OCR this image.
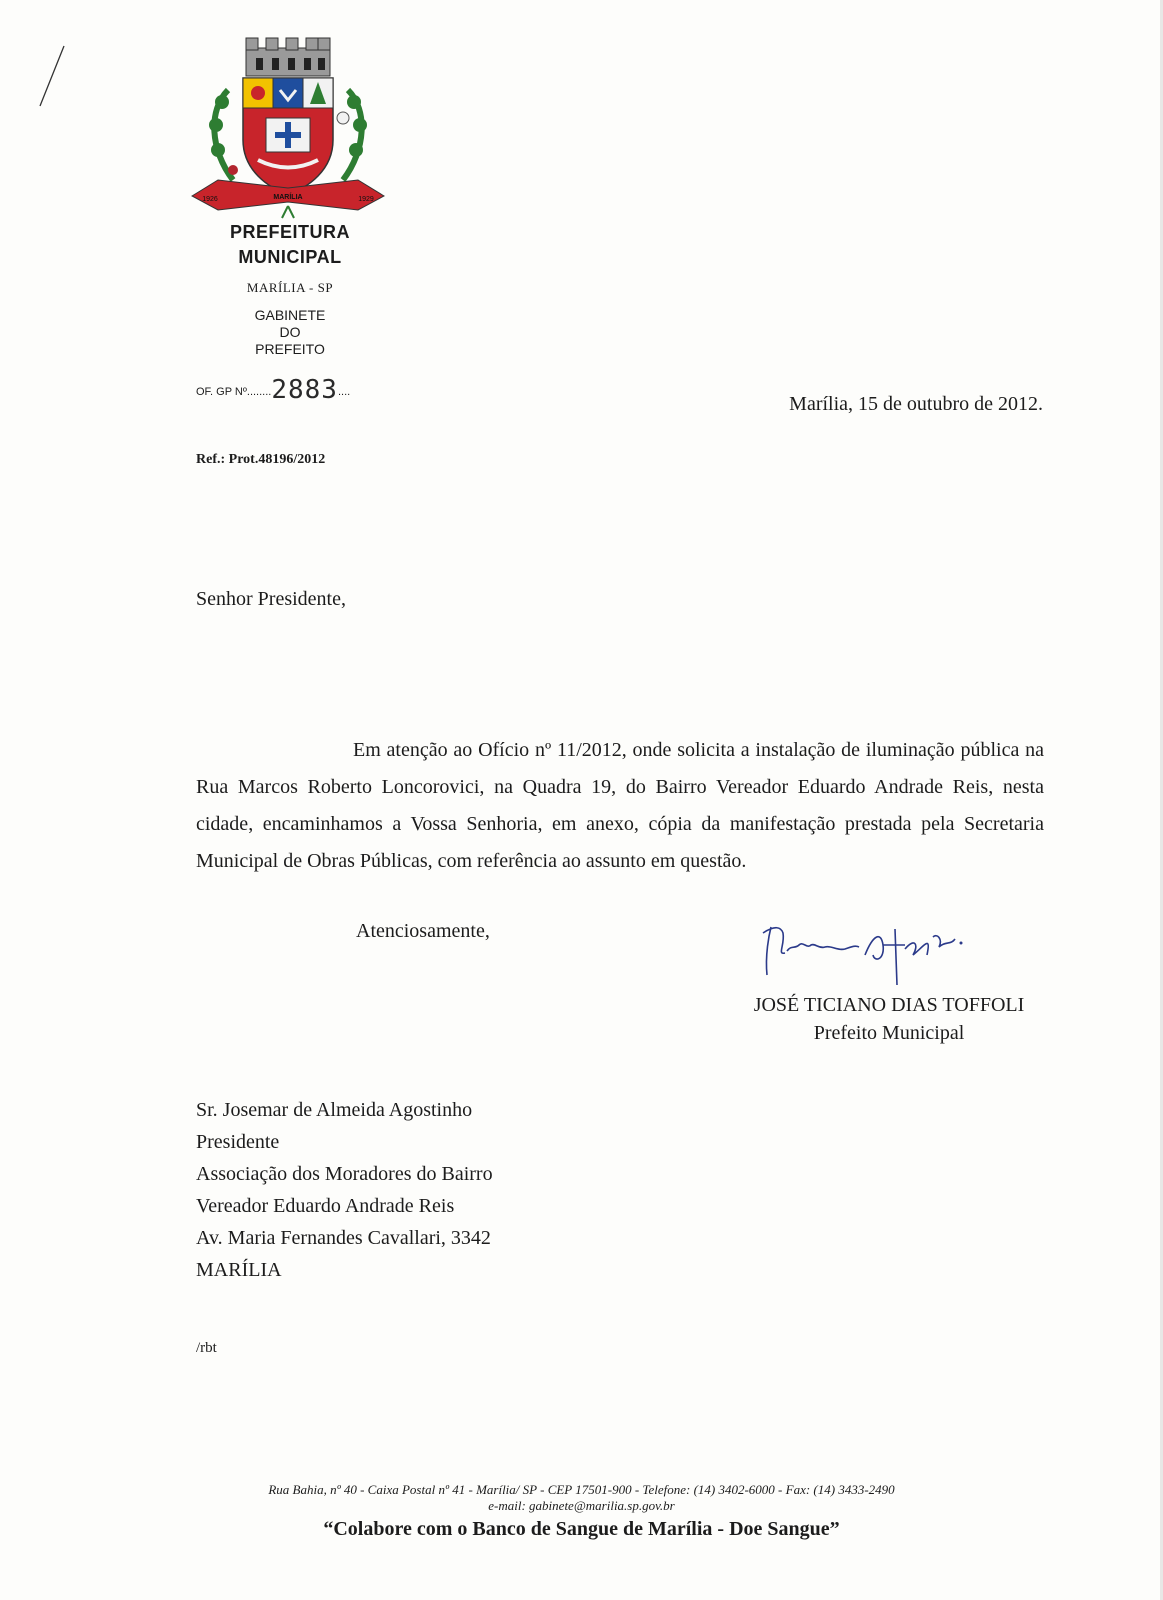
MARÍLIA
1926	1929
PREFEITURA
MUNICIPAL
MARÍLIA - SP
GABINETE
DO
PREFEITO
OF. GP Nº........2883....
Marília, 15 de outubro de 2012.
Ref.: Prot.48196/2012
Senhor Presidente,

Em atenção ao Ofício nº 11/2012, onde solicita a instalação de iluminação pública na Rua Marcos Roberto Loncorovici, na Quadra 19, do Bairro Vereador Eduardo Andrade Reis, nesta cidade, encaminhamos a Vossa Senhoria, em anexo, cópia da manifestação prestada pela Secretaria Municipal de Obras Públicas, com referência ao assunto em questão.

Atenciosamente,
JOSÉ TICIANO DIAS TOFFOLI
Prefeito Municipal
Sr. Josemar de Almeida Agostinho
Presidente
Associação dos Moradores do Bairro
Vereador Eduardo Andrade Reis
Av. Maria Fernandes Cavallari, 3342
MARÍLIA
/rbt
Rua Bahia, nº 40 - Caixa Postal nº 41 - Marília/ SP - CEP 17501-900 - Telefone: (14) 3402-6000 - Fax: (14) 3433-2490
e-mail: gabinete@marilia.sp.gov.br
“Colabore com o Banco de Sangue de Marília - Doe Sangue”
